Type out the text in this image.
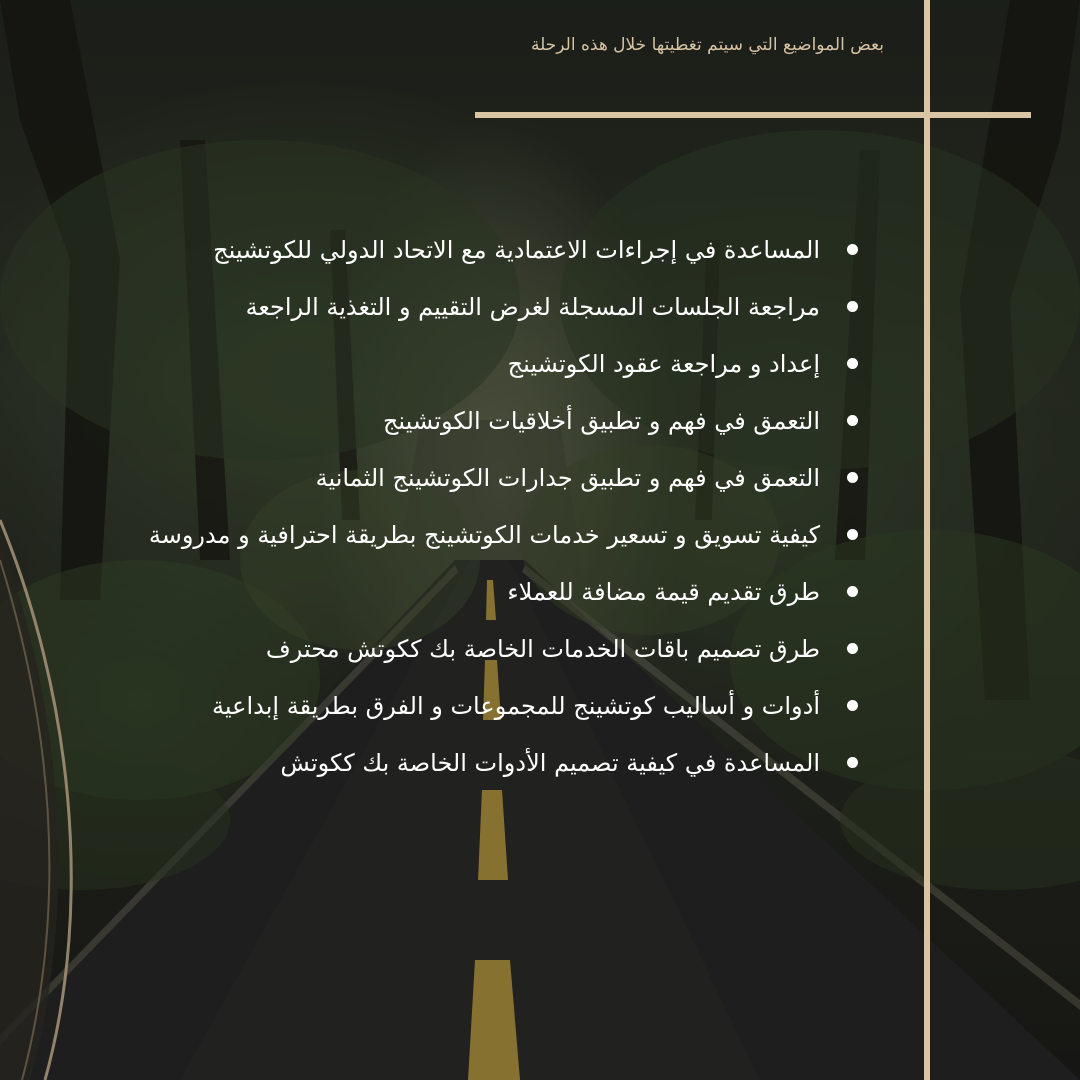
بعض المواضيع التي سيتم تغطيتها خلال هذه الرحلة
المساعدة في إجراءات الاعتمادية مع الاتحاد الدولي للكوتشينج
مراجعة الجلسات المسجلة لغرض التقييم و التغذية الراجعة
إعداد و مراجعة عقود الكوتشينج
التعمق في فهم و تطبيق أخلاقيات الكوتشينج
التعمق في فهم و تطبيق جدارات الكوتشينج الثمانية
كيفية تسويق و تسعير خدمات الكوتشينج بطريقة احترافية و مدروسة
طرق تقديم قيمة مضافة للعملاء
طرق تصميم باقات الخدمات الخاصة بك ككوتش محترف
أدوات و أساليب كوتشينج للمجموعات و الفرق بطريقة إبداعية
المساعدة في كيفية تصميم الأدوات الخاصة بك ككوتش
